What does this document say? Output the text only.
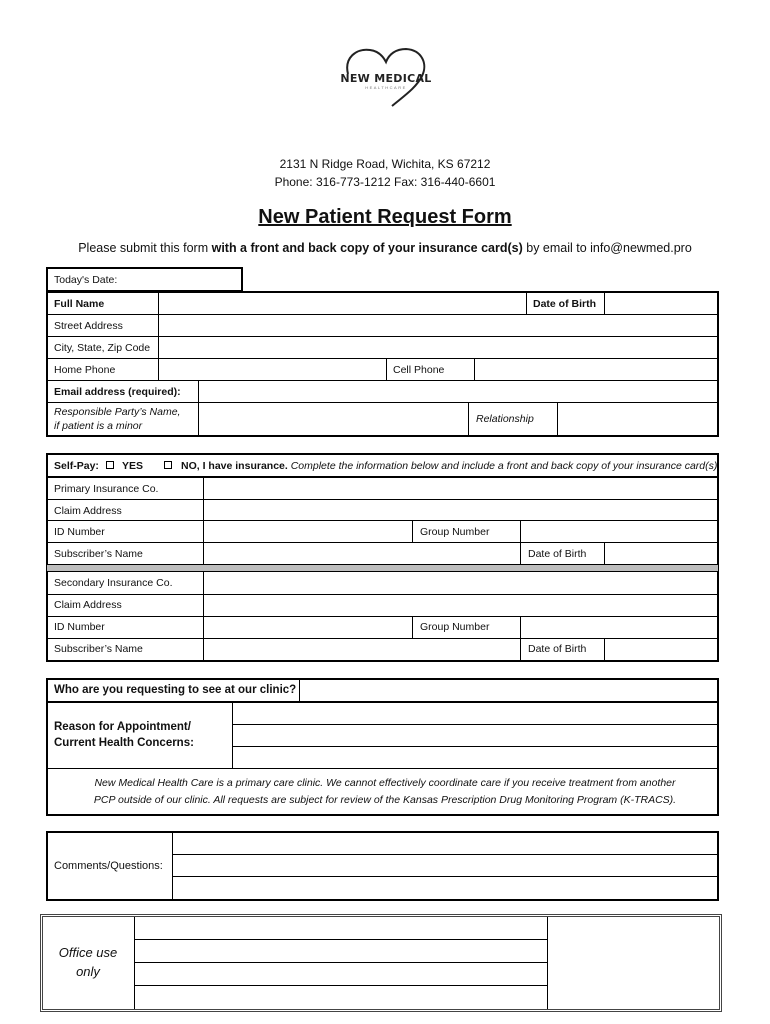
NEW MEDICAL
HEALTHCARE
2131 N Ridge Road, Wichita, KS 67212
Phone: 316-773-1212 Fax: 316-440-6601
New Patient Request Form
Please submit this form with a front and back copy of your insurance card(s) by email to info@newmed.pro
Today's Date:
Full Name	Date of Birth
Street Address
City, State, Zip Code
Home Phone	Cell Phone
Email address (required):
Responsible Party’s Name,
if patient is a minor
Relationship
Self-Pay: YES	NO, I have insurance. Complete the information below and include a front and back copy of your insurance card(s)
Primary Insurance Co.
Claim Address
ID Number	Group Number
Subscriber’s Name	Date of Birth
Secondary Insurance Co.
Claim Address
ID Number	Group Number
Subscriber’s Name	Date of Birth
Who are you requesting to see at our clinic?
Reason for Appointment/
Current Health Concerns:
New Medical Health Care is a primary care clinic. We cannot effectively coordinate care if you receive treatment from another
PCP outside of our clinic. All requests are subject for review of the Kansas Prescription Drug Monitoring Program (K-TRACS).
Comments/Questions:
Office use
only
